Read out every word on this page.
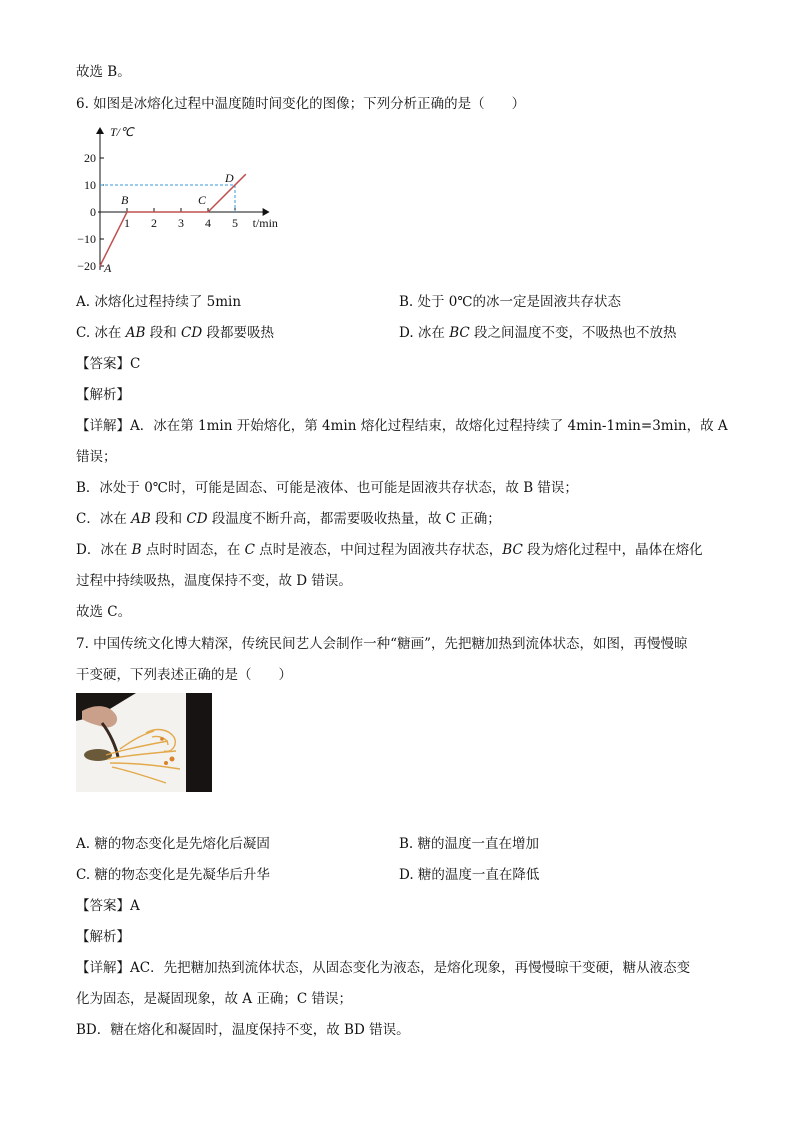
故选 B。
6. 如图是冰熔化过程中温度随时间变化的图像；下列分析正确的是（　　）
20
10
0
−10
−20
1 2 3 4 5
T/℃
t/min
A
B	C
D
A. 冰熔化过程持续了 5min	B. 处于 0℃的冰一定是固液共存状态
C. 冰在 AB 段和 CD 段都要吸热	D. 冰在 BC 段之间温度不变，不吸热也不放热
【答案】C
【解析】
【详解】A．冰在第 1min 开始熔化，第 4min 熔化过程结束，故熔化过程持续了 4min-1min=3min，故 A
错误；
B．冰处于 0℃时，可能是固态、可能是液体、也可能是固液共存状态，故 B 错误；
C．冰在 AB 段和 CD 段温度不断升高，都需要吸收热量，故 C 正确；
D．冰在 B 点时时固态，在 C 点时是液态，中间过程为固液共存状态，BC 段为熔化过程中，晶体在熔化
过程中持续吸热，温度保持不变，故 D 错误。
故选 C。
7. 中国传统文化博大精深，传统民间艺人会制作一种“糖画”，先把糖加热到流体状态，如图，再慢慢晾
干变硬，下列表述正确的是（　　）
A. 糖的物态变化是先熔化后凝固	B. 糖的温度一直在增加
C. 糖的物态变化是先凝华后升华	D. 糖的温度一直在降低
【答案】A
【解析】
【详解】AC．先把糖加热到流体状态，从固态变化为液态，是熔化现象，再慢慢晾干变硬，糖从液态变
化为固态，是凝固现象，故 A 正确；C 错误；
BD．糖在熔化和凝固时，温度保持不变，故 BD 错误。
